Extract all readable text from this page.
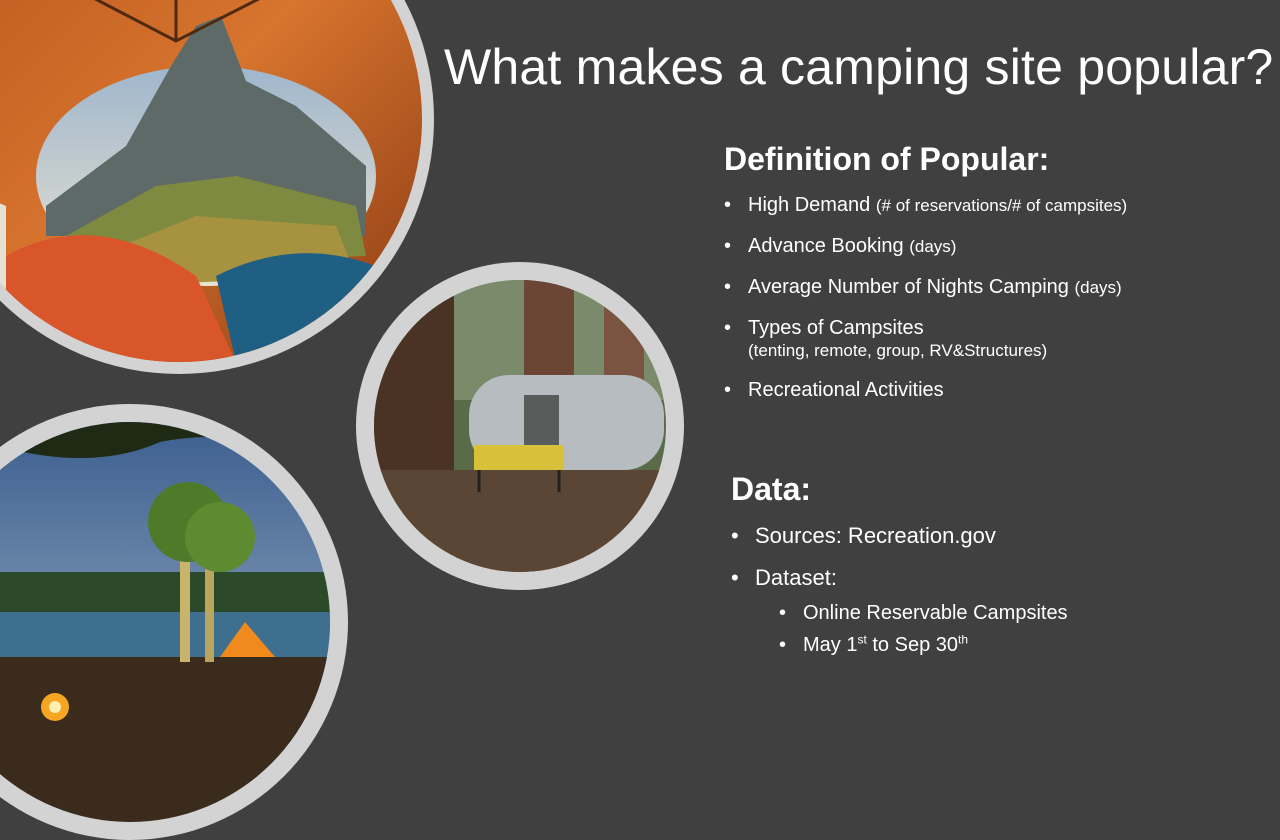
What makes a camping site popular?
Definition of Popular:
• High Demand (# of reservations/# of campsites)
• Advance Booking (days)
• Average Number of Nights Camping (days)
• Types of Campsites
(tenting, remote, group, RV&Structures)
• Recreational Activities
Data:
• Sources: Recreation.gov
• Dataset:
• Online Reservable Campsites
• May 1st to Sep 30th
